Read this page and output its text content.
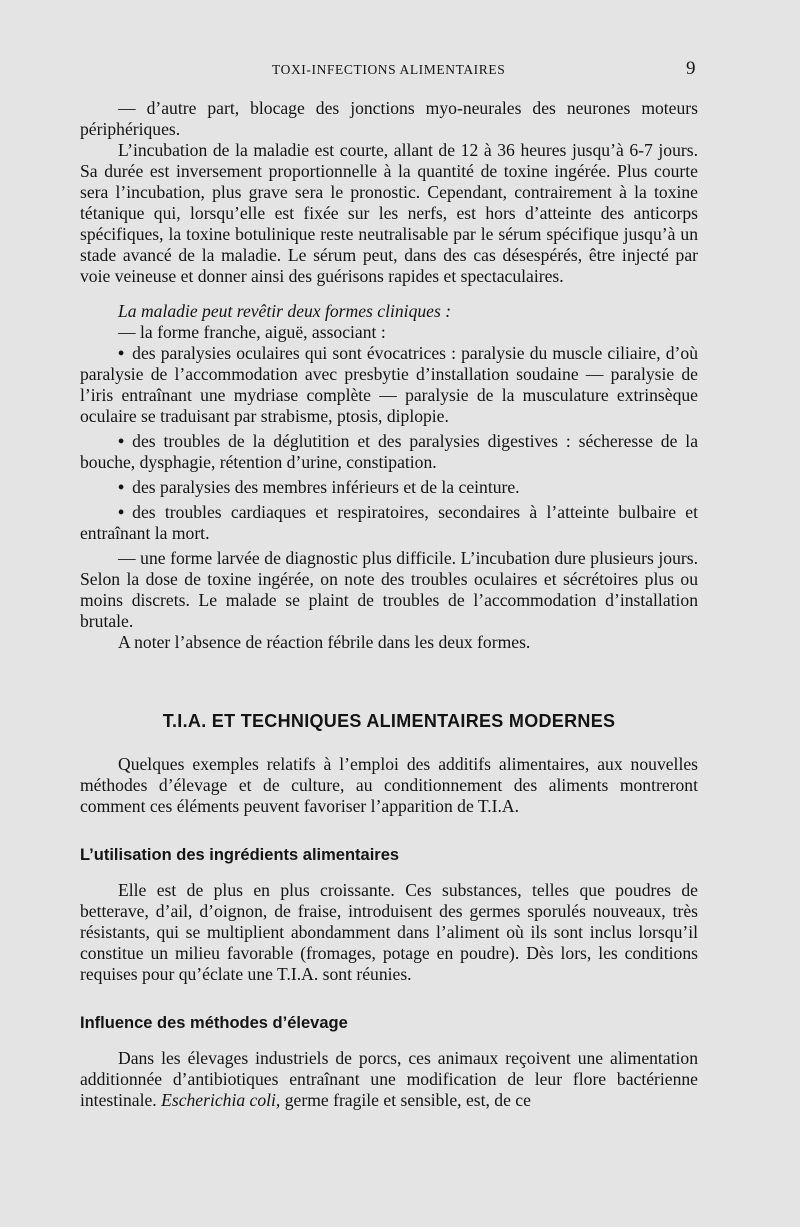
TOXI-INFECTIONS ALIMENTAIRES	9

— d’autre part, blocage des jonctions myo-neurales des neurones moteurs périphériques.

L’incubation de la maladie est courte, allant de 12 à 36 heures jusqu’à 6-7 jours. Sa durée est inversement proportionnelle à la quantité de toxine ingérée. Plus courte sera l’incubation, plus grave sera le pronostic. Cependant, contrairement à la toxine tétanique qui, lorsqu’elle est fixée sur les nerfs, est hors d’atteinte des anticorps spécifiques, la toxine botulinique reste neutralisable par le sérum spécifique jusqu’à un stade avancé de la maladie. Le sérum peut, dans des cas désespérés, être injecté par voie veineuse et donner ainsi des guérisons rapides et spectaculaires.

La maladie peut revêtir deux formes cliniques :

— la forme franche, aiguë, associant :

• des paralysies oculaires qui sont évocatrices : paralysie du muscle ciliaire, d’où paralysie de l’accommodation avec presbytie d’installation soudaine — paralysie de l’iris entraînant une mydriase complète — paralysie de la musculature extrinsèque oculaire se traduisant par strabisme, ptosis, diplopie.

• des troubles de la déglutition et des paralysies digestives : sécheresse de la bouche, dysphagie, rétention d’urine, constipation.

• des paralysies des membres inférieurs et de la ceinture.

• des troubles cardiaques et respiratoires, secondaires à l’atteinte bulbaire et entraînant la mort.

— une forme larvée de diagnostic plus difficile. L’incubation dure plusieurs jours. Selon la dose de toxine ingérée, on note des troubles oculaires et sécrétoires plus ou moins discrets. Le malade se plaint de troubles de l’accommodation d’installation brutale.

A noter l’absence de réaction fébrile dans les deux formes.

T.I.A. ET TECHNIQUES ALIMENTAIRES MODERNES

Quelques exemples relatifs à l’emploi des additifs alimentaires, aux nouvelles méthodes d’élevage et de culture, au conditionnement des aliments montreront comment ces éléments peuvent favoriser l’apparition de T.I.A.

L’utilisation des ingrédients alimentaires

Elle est de plus en plus croissante. Ces substances, telles que poudres de betterave, d’ail, d’oignon, de fraise, introduisent des germes sporulés nouveaux, très résistants, qui se multiplient abondamment dans l’aliment où ils sont inclus lorsqu’il constitue un milieu favorable (fromages, potage en poudre). Dès lors, les conditions requises pour qu’éclate une T.I.A. sont réunies.

Influence des méthodes d’élevage

Dans les élevages industriels de porcs, ces animaux reçoivent une alimentation additionnée d’antibiotiques entraînant une modification de leur flore bactérienne intestinale. Escherichia coli, germe fragile et sensible, est, de ce
